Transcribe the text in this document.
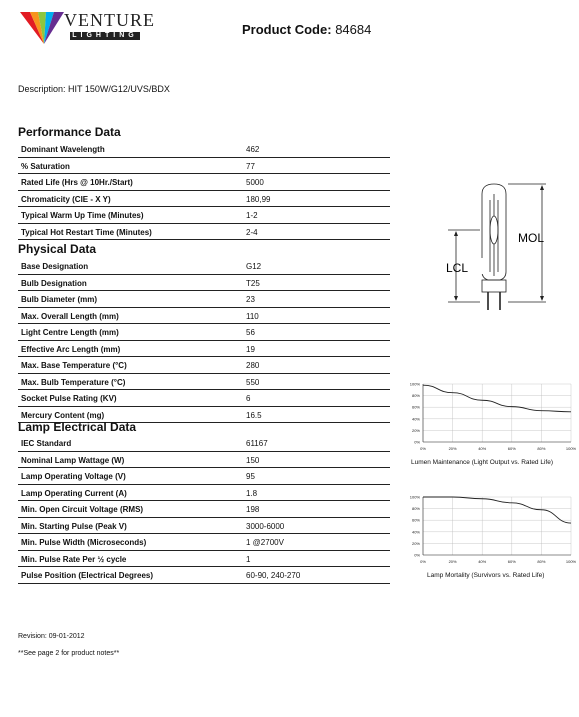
VENTURE
LIGHTING	Product Code: 84684
Description: HIT 150W/G12/UVS/BDX
Performance Data
Dominant Wavelength	462
% Saturation	77
Rated Life (Hrs @ 10Hr./Start)	5000
Chromaticity (CIE - X Y)	180,99
Typical Warm Up Time (Minutes)	1-2
Typical Hot Restart Time (Minutes)	2-4
Physical Data
Base Designation	G12
Bulb Designation	T25
Bulb Diameter (mm)	23
Max. Overall Length (mm)	110
Light Centre Length (mm)	56
Effective Arc Length (mm)	19
Max. Base Temperature (°C)	280
Max. Bulb Temperature (°C)	550
Socket Pulse Rating (KV)	6
Mercury Content (mg)	16.5
Lamp Electrical Data
IEC Standard	61167
Nominal Lamp Wattage (W)	150
Lamp Operating Voltage (V)	95
Lamp Operating Current (A)	1.8
Min. Open Circuit Voltage (RMS)	198
Min. Starting Pulse (Peak V)	3000-6000
Min. Pulse Width (Microseconds)	1 @2700V
Min. Pulse Rate Per ½ cycle	1
Pulse Position (Electrical Degrees)	60-90, 240-270
LCL
MOL
0%
20%
40%
60%
80%
100%
0%	20%	40%	60%	80%	100%
Lumen Maintenance (Light Output vs. Rated Life)
0%
20%
40%
60%
80%
100%
0%	20%	40%	60%	80%	100%
Lamp Mortality (Survivors vs. Rated Life)
Revision: 09-01-2012
**See page 2 for product notes**
